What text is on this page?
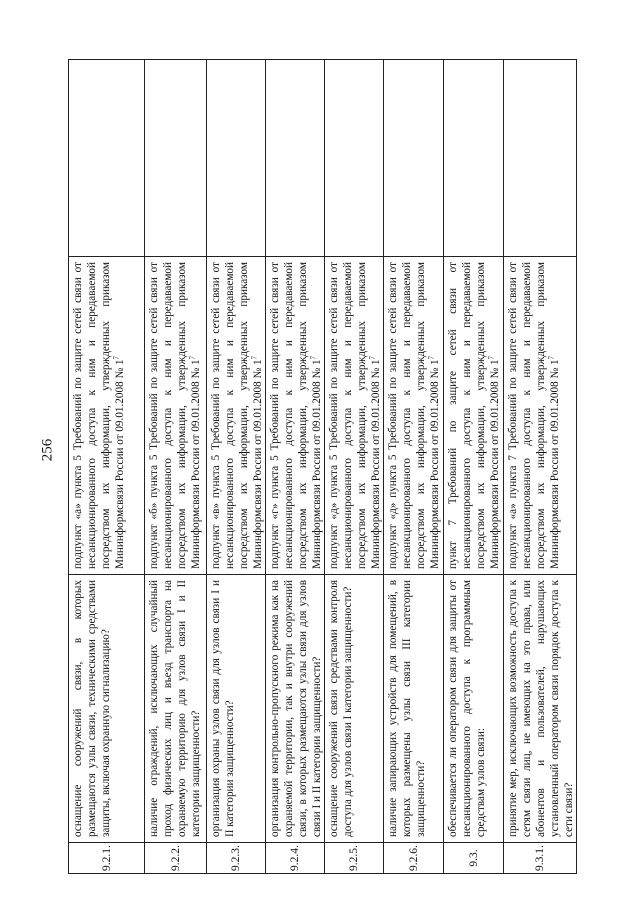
256
9.2.1.	оснащение сооружений связи, в которых размещаются узлы связи, техническими средствами защиты, включая охранную сигнализацию?	подпункт «а» пункта 5 Требований по защите сетей связи от несанкционированного доступа к ним и передаваемой посредством их информации, утвержденных приказом Мининформсвязи России от 09.01.2008 № $1^7$	
9.2.2.	наличие ограждений, исключающих случайный проход физических лиц и въезд транспорта на охраняемую территорию для узлов связи I и II категории защищенности?	подпункт «б» пункта 5 Требований по защите сетей связи от несанкционированного доступа к ним и передаваемой посредством их информации, утвержденных приказом Мининформсвязи России от 09.01.2008 № $1^7$	
9.2.3.	организация охраны узлов связи для узлов связи I и II категории защищенности?	подпункт «в» пункта 5 Требований по защите сетей связи от несанкционированного доступа к ним и передаваемой посредством их информации, утвержденных приказом Мининформсвязи России от 09.01.2008 № $1^7$	
9.2.4.	организация контрольно-пропускного режима как на охраняемой территории, так и внутри сооружений связи, в которых размещаются узлы связи для узлов связи I и II категории защищенности?	подпункт «г» пункта 5 Требований по защите сетей связи от несанкционированного доступа к ним и передаваемой посредством их информации, утвержденных приказом Мининформсвязи России от 09.01.2008 № $1^7$	
9.2.5.	оснащение сооружений связи средствами контроля доступа для узлов связи I категории защищенности?	подпункт «д» пункта 5 Требований по защите сетей связи от несанкционированного доступа к ним и передаваемой посредством их информации, утвержденных приказом Мининформсвязи России от 09.01.2008 № $1^7$	
9.2.6.	наличие запирающих устройств для помещений, в которых размещены узлы связи III категории защищенности?	подпункт «д» пункта 5 Требований по защите сетей связи от несанкционированного доступа к ним и передаваемой посредством их информации, утвержденных приказом Мининформсвязи России от 09.01.2008 № $1^7$	
9.3.	обеспечивается ли оператором связи для защиты от несанкционированного доступа к программным средствам узлов связи:	пункт 7 Требований по защите сетей связи от несанкционированного доступа к ним и передаваемой посредством их информации, утвержденных приказом Мининформсвязи России от 09.01.2008 № $1^7$	
9.3.1.	принятие мер, исключающих возможность доступа к сетям связи лиц, не имеющих на это права, или абонентов и пользователей, нарушающих установленный оператором связи порядок доступа к сети связи?	подпункт «а» пункта 7 Требований по защите сетей связи от несанкционированного доступа к ним и передаваемой посредством их информации, утвержденных приказом Мининформсвязи России от 09.01.2008 № $1^7$	
